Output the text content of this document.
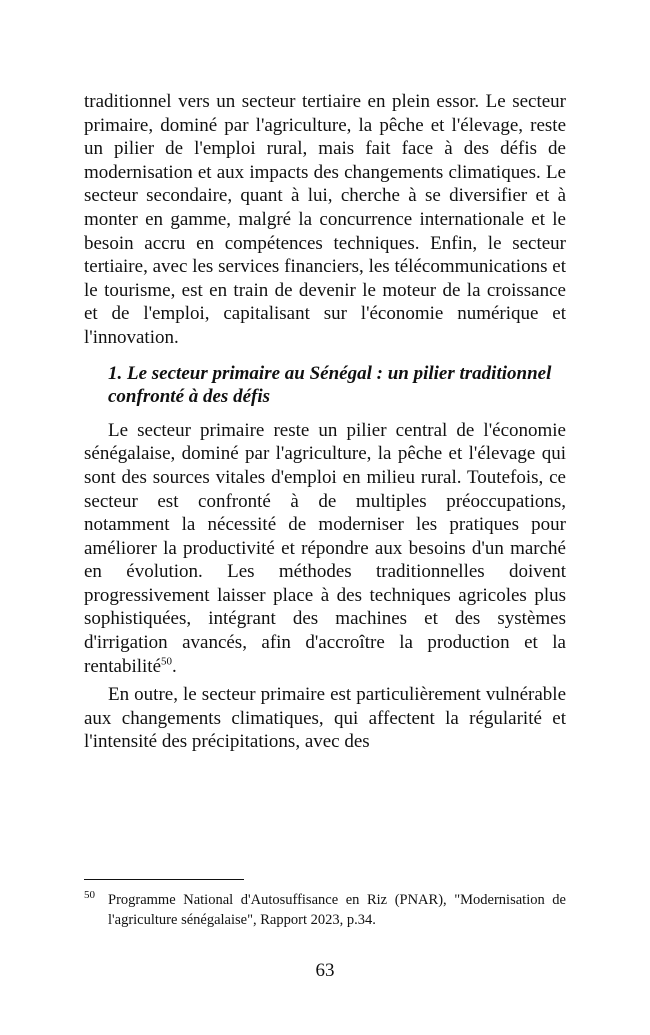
traditionnel vers un secteur tertiaire en plein essor. Le secteur primaire, dominé par l'agriculture, la pêche et l'élevage, reste un pilier de l'emploi rural, mais fait face à des défis de modernisation et aux impacts des changements climatiques. Le secteur secondaire, quant à lui, cherche à se diversifier et à monter en gamme, malgré la concurrence internationale et le besoin accru en compétences techniques. Enfin, le secteur tertiaire, avec les services financiers, les télécommunications et le tourisme, est en train de devenir le moteur de la croissance et de l'emploi, capitalisant sur l'économie numérique et l'innovation.

1. Le secteur primaire au Sénégal : un pilier traditionnel confronté à des défis

Le secteur primaire reste un pilier central de l'économie sénégalaise, dominé par l'agriculture, la pêche et l'élevage qui sont des sources vitales d'emploi en milieu rural. Toutefois, ce secteur est confronté à de multiples préoccupations, notamment la nécessité de moderniser les pratiques pour améliorer la productivité et répondre aux besoins d'un marché en évolution. Les méthodes traditionnelles doivent progressivement laisser place à des techniques agricoles plus sophistiquées, intégrant des machines et des systèmes d'irrigation avancés, afin d'accroître la production et la rentabilité$^{50}$.

En outre, le secteur primaire est particulièrement vulnérable aux changements climatiques, qui affectent la régularité et l'intensité des précipitations, avec des

50 Programme National d'Autosuffisance en Riz (PNAR), "Modernisation de l'agriculture sénégalaise", Rapport 2023, p.34.
63
